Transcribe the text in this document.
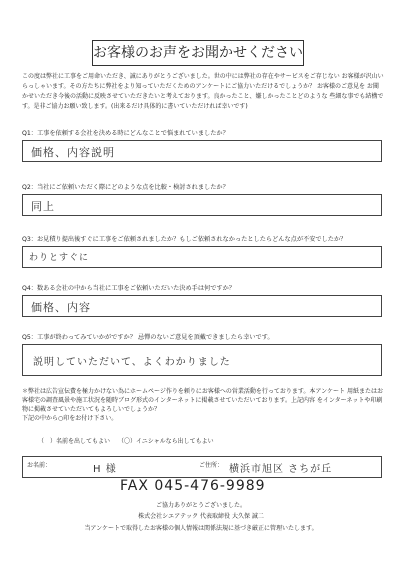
お客様のお声をお聞かせください
この度は弊社に工事をご用命いただき、誠にありがとうございました。世の中には弊社の存在やサービスをご存じない お客様が沢山いらっしゃいます。その方たちに弊社をより知っていただくためのアンケートにご協力いただけるでしょうか？ お客様のご意見を お聞かせいただき今後の活動に反映させていただきたいと考えております。良かったこと、嫌しかったことどのような 些細な事でも結構です。是非ご協力お願い致します。(出来るだけ具体的に書いていただければ幸いです)
Q1：工事を依頼する会社を決める時にどんなことで悩まれていましたか？
価格、内容説明
Q2：当社にご依頼いただく際にどのような点を比較・検討されましたか？
同上
Q3：お見積り提出後すぐに工事をご依頼されましたか？もしご依頼されなかったとしたらどんな点が不安でしたか？
わりとすぐに
Q4：数ある会社の中から当社に工事をご依頼いただいた決め手は何ですか？
価格、内容
Q5：工事が終わってみていかがですか？ 忌憚のないご意見を頂戴できましたら幸いです。
説明していただいて、よくわかりました
＊弊社は広告宣伝費を極力かけない為にホームページ作りを頼りにお客様への営業活動を行っております。本アンケート 用紙またはお客様宅の調査風景や施工状況を随時ブログ形式のインターネットに掲載させていただいております。上記内容 をインターネットや印刷物に掲載させていただいてもよろしいでしょうか？
下記の中から○印をお付け下さい。
（　）名前を出してもよい （〇）イニシャルなら出してもよい
お名前：	H 様	ご住所： 横浜市旭区 さちが丘
FAX 045-476-9989
ご協力ありがとうございました。
株式会社シエアテック 代表取締役 大久保 誠二
当アンケートで取得したお客様の個人情報は関係法規に基づき厳正に管理いたします。
